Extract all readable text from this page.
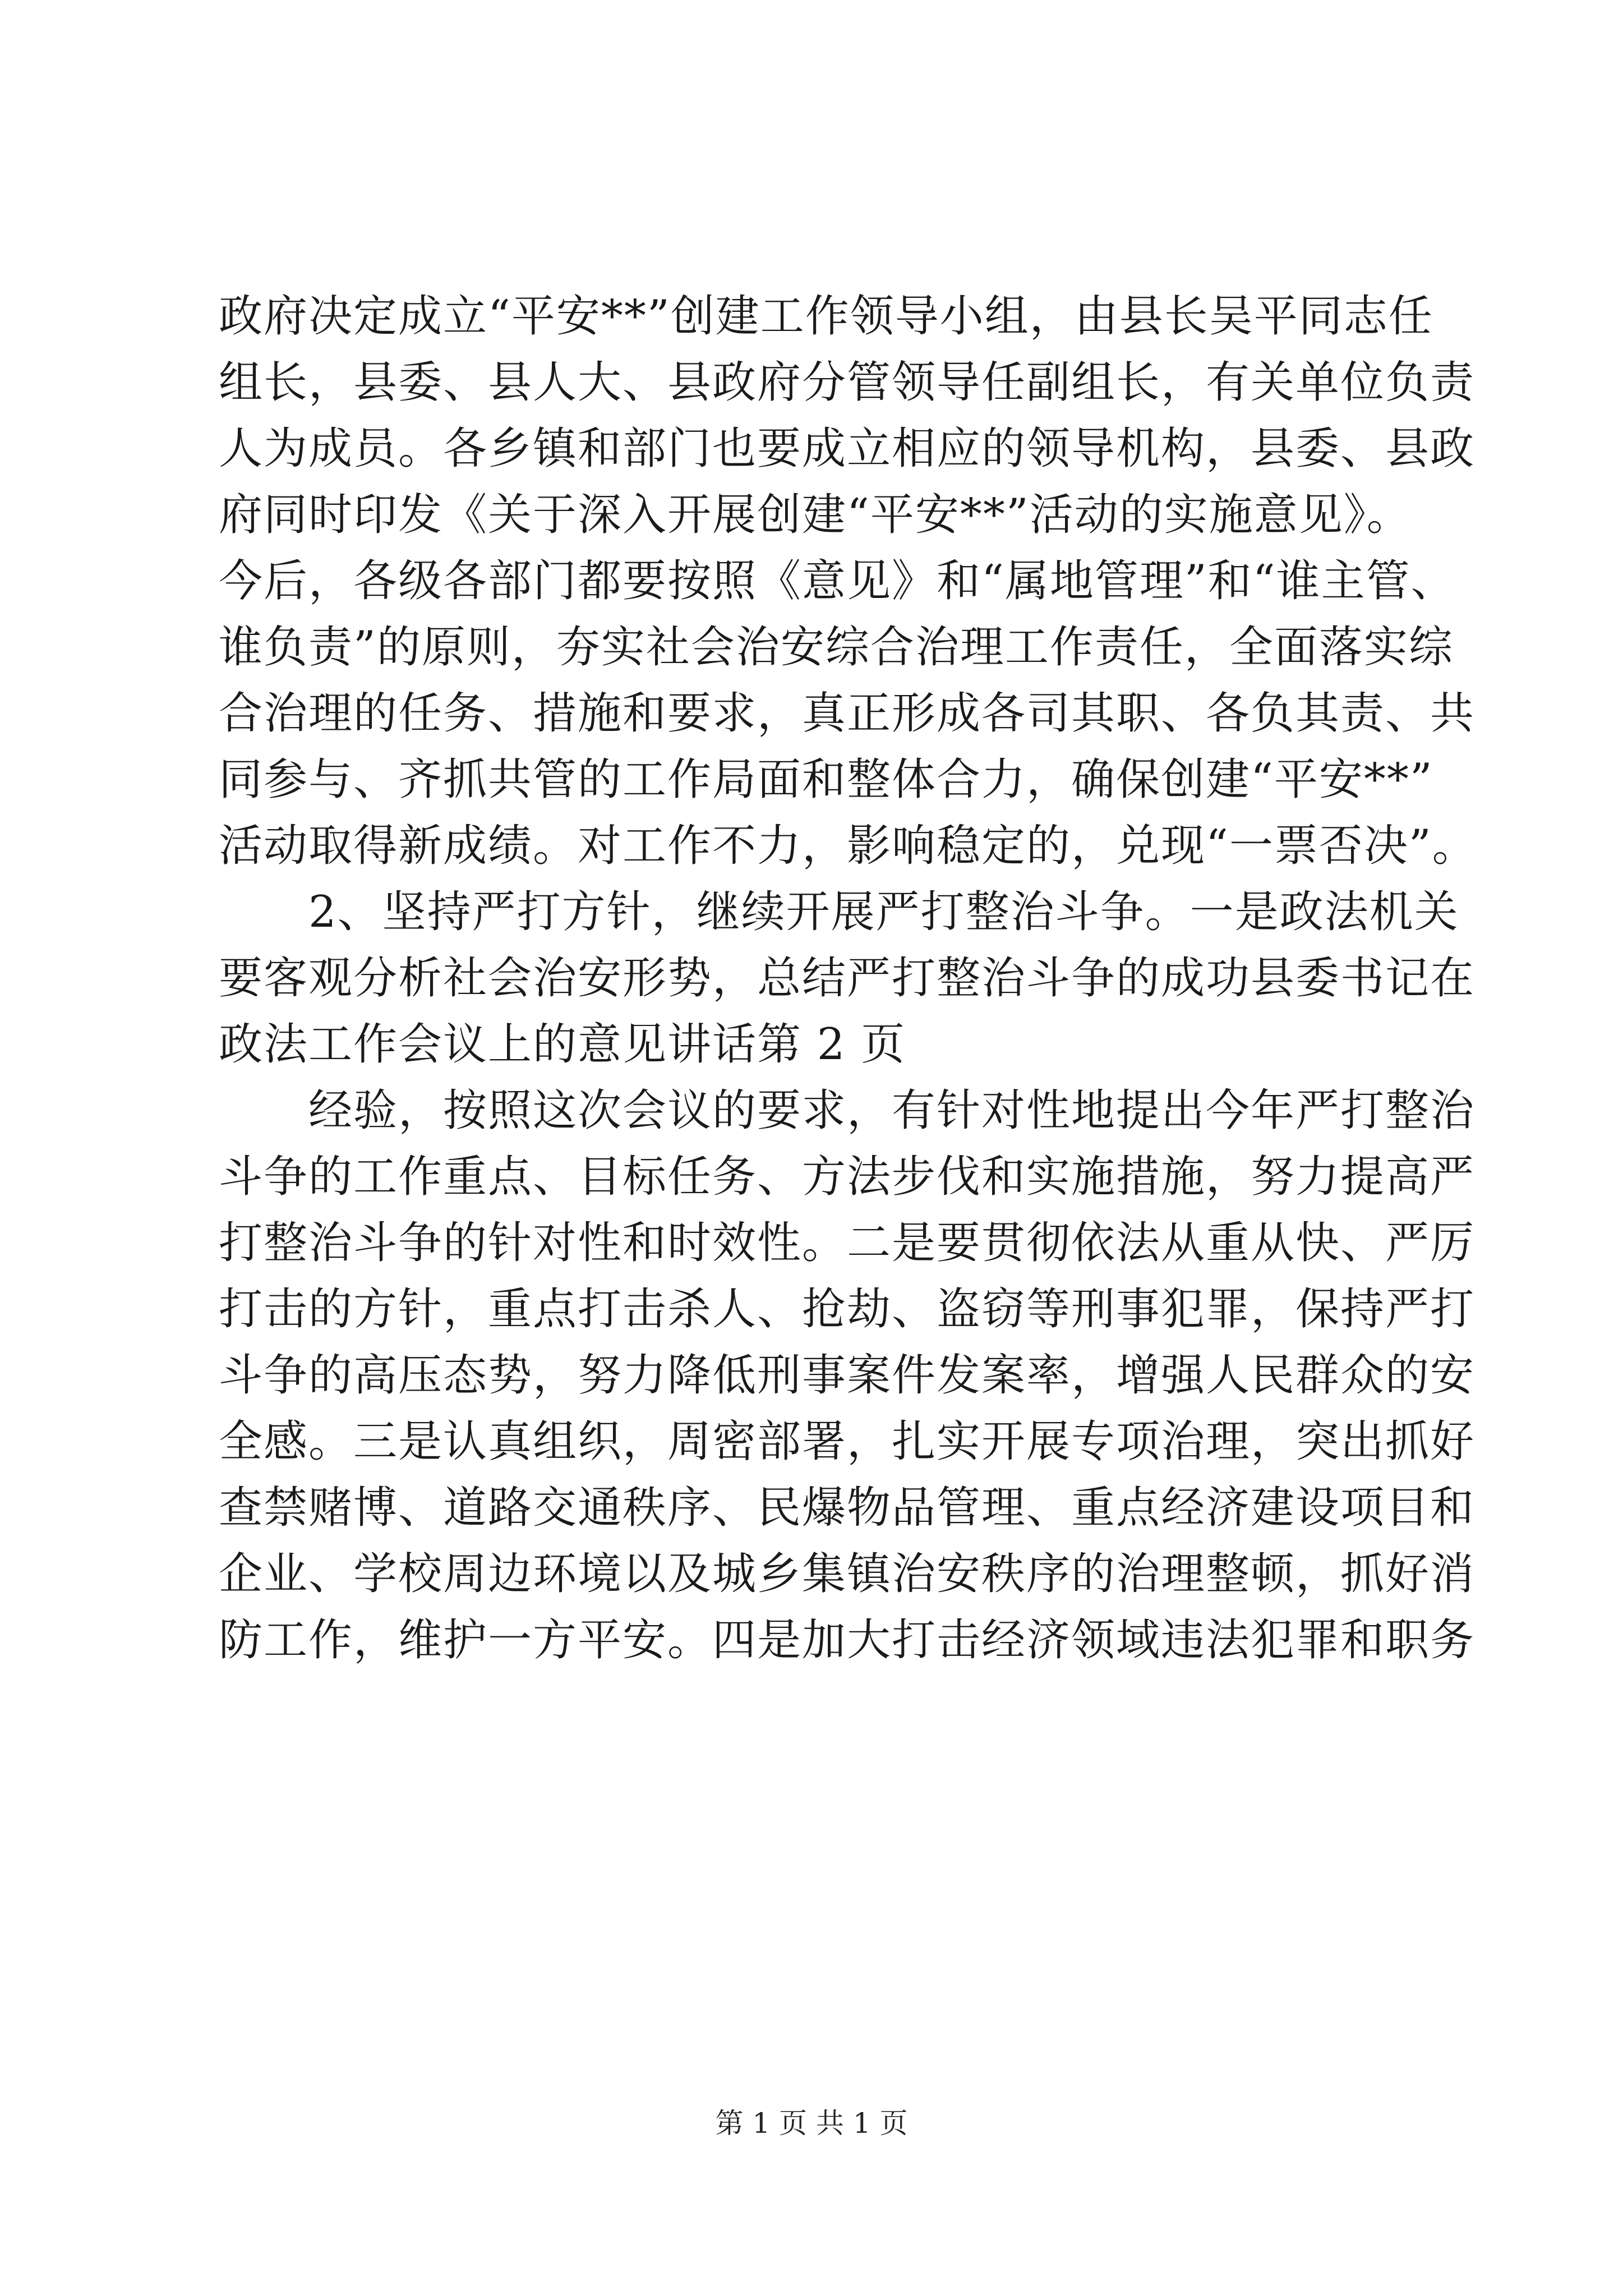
政府决定成立“平安**”创建工作领导小组，由县长吴平同志任
组长，县委、县人大、县政府分管领导任副组长，有关单位负责
人为成员。各乡镇和部门也要成立相应的领导机构，县委、县政
府同时印发《关于深入开展创建“平安**”活动的实施意见》。
今后，各级各部门都要按照《意见》和“属地管理”和“谁主管、
谁负责”的原则，夯实社会治安综合治理工作责任，全面落实综
合治理的任务、措施和要求，真正形成各司其职、各负其责、共
同参与、齐抓共管的工作局面和整体合力，确保创建“平安**”
活动取得新成绩。对工作不力，影响稳定的，兑现“一票否决”。
　　2、坚持严打方针，继续开展严打整治斗争。一是政法机关
要客观分析社会治安形势，总结严打整治斗争的成功县委书记在
政法工作会议上的意见讲话第 2 页
　　经验，按照这次会议的要求，有针对性地提出今年严打整治
斗争的工作重点、目标任务、方法步伐和实施措施，努力提高严
打整治斗争的针对性和时效性。二是要贯彻依法从重从快、严厉
打击的方针，重点打击杀人、抢劫、盗窃等刑事犯罪，保持严打
斗争的高压态势，努力降低刑事案件发案率，增强人民群众的安
全感。三是认真组织，周密部署，扎实开展专项治理，突出抓好
查禁赌博、道路交通秩序、民爆物品管理、重点经济建设项目和
企业、学校周边环境以及城乡集镇治安秩序的治理整顿，抓好消
防工作，维护一方平安。四是加大打击经济领域违法犯罪和职务
第 1 页 共 1 页
